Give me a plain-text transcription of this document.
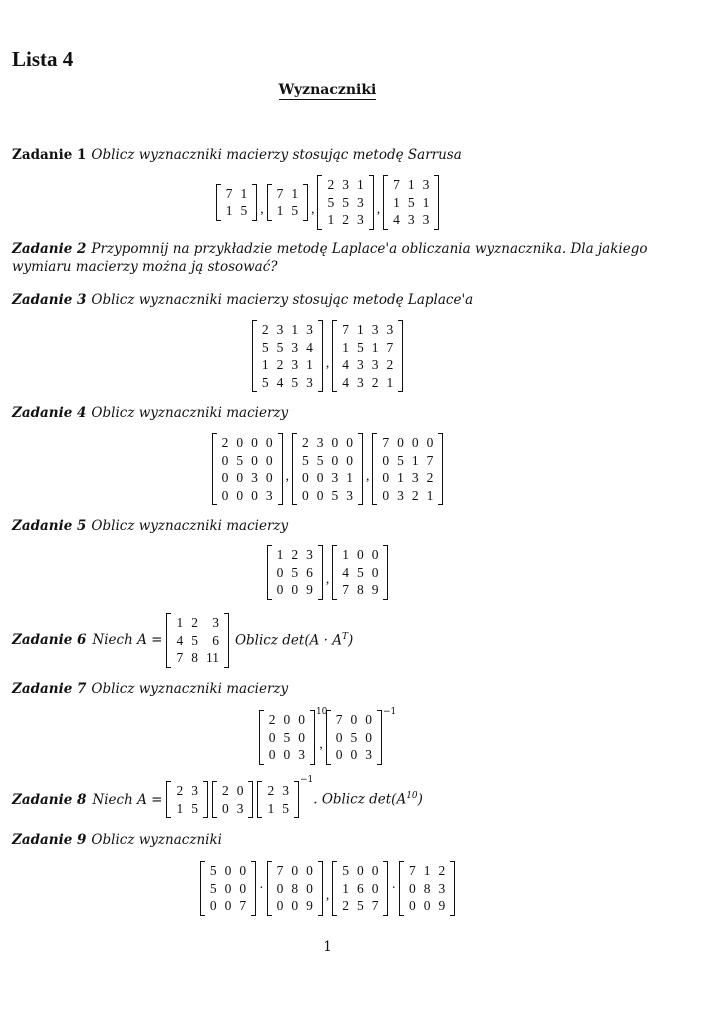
Lista 4
Wyznaczniki
Zadanie 1 Oblicz wyznaczniki macierzy stosując metodę Sarrusa
7 1
1 5 ,
7 1
1 5 ,
2 3 1
5 5 3
1 2 3
,
7 1 3
1 5 1
4 3 3
Zadanie 2 Przypomnij na przykładzie metodę Laplace'a obliczania wyznacznika. Dla jakiego wymiaru macierzy można ją stosować?
Zadanie 3 Oblicz wyznaczniki macierzy stosując metodę Laplace'a
2 3 1 3
5 5 3 4
1 2 3 1
5 4 5 3
,
7 1 3 3
1 5 1 7
4 3 3 2
4 3 2 1
Zadanie 4 Oblicz wyznaczniki macierzy
2 0 0 0
0 5 0 0
0 0 3 0
0 0 0 3
,
2 3 0 0
5 5 0 0
0 0 3 1
0 0 5 3
,
7 0 0 0
0 5 1 7
0 1 3 2
0 3 2 1
Zadanie 5 Oblicz wyznaczniki macierzy
1 2 3
0 5 6
0 0 9
,
1 0 0
4 5 0
7 8 9
Zadanie 6 Niech A =
1 2	3
4 5	6
7 8 11
Oblicz $\det(A \cdot A^T)$
Zadanie 7 Oblicz wyznaczniki macierzy
2 0 0
0 5 0
0 0 3
10
,
7 0 0
0 5 0
0 0 3
−1
Zadanie 8 Niech A =
2 3
1 5
2 0
0 3
2 3
1 5
−1
. Oblicz $\det(A^{10})$
Zadanie 9 Oblicz wyznaczniki
5 0 0
5 0 0
0 0 7
·
7 0 0
0 8 0
0 0 9
,
5 0 0
1 6 0
2 5 7
·
7 1 2
0 8 3
0 0 9
1
